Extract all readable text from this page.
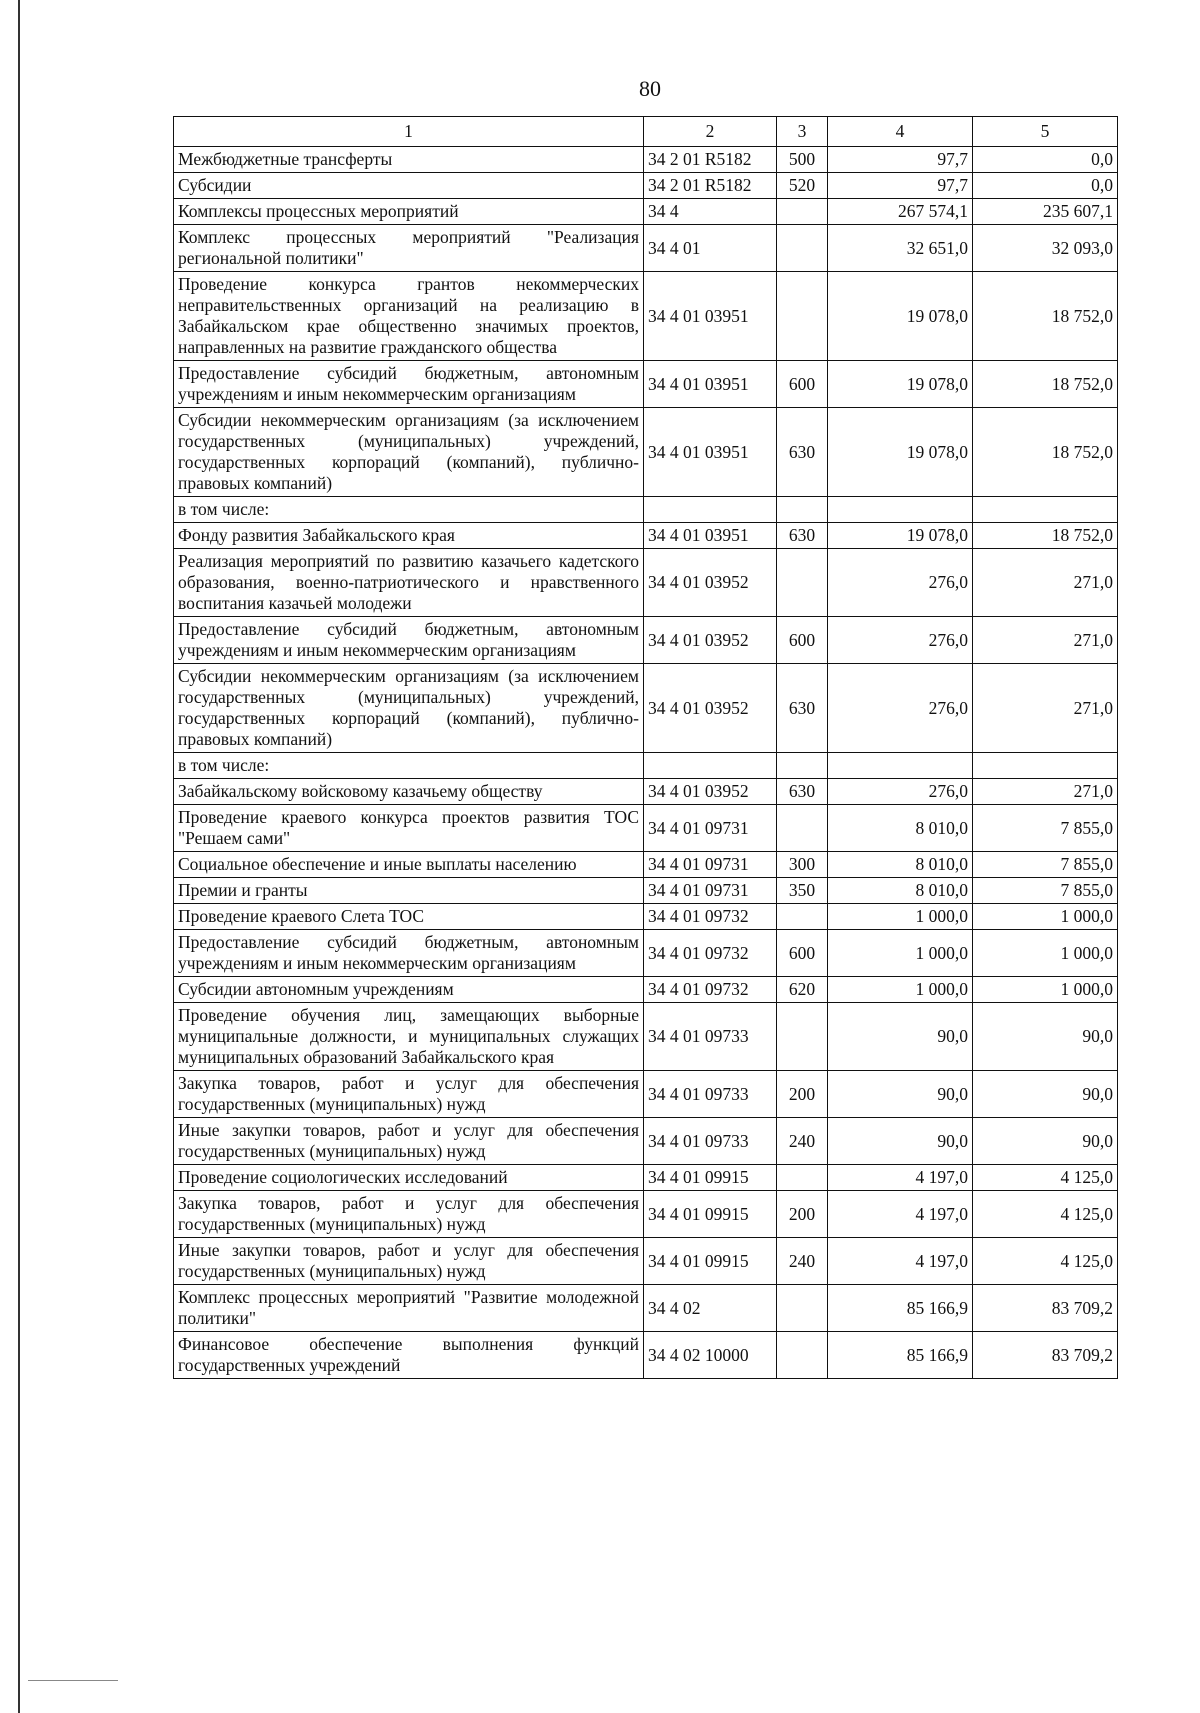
80
1	2	3	4	5
Межбюджетные трансферты	34 2 01 R5182	500	97,7	0,0
Субсидии	34 2 01 R5182	520	97,7	0,0
Комплексы процессных мероприятий	34 4		267 574,1	235 607,1
Комплекс процессных мероприятий "Реализация региональной политики"	34 4 01		32 651,0	32 093,0
Проведение конкурса грантов некоммерческих неправительственных организаций на реализацию в Забайкальском крае общественно значимых проектов, направленных на развитие гражданского общества	34 4 01 03951		19 078,0	18 752,0
Предоставление субсидий бюджетным, автономным учреждениям и иным некоммерческим организациям	34 4 01 03951	600	19 078,0	18 752,0
Субсидии некоммерческим организациям (за исключением государственных (муниципальных) учреждений, государственных корпораций (компаний), публично-правовых компаний)	34 4 01 03951	630	19 078,0	18 752,0
в том числе:				
Фонду развития Забайкальского края	34 4 01 03951	630	19 078,0	18 752,0
Реализация мероприятий по развитию казачьего кадетского образования, военно-патриотического и нравственного воспитания казачьей молодежи	34 4 01 03952		276,0	271,0
Предоставление субсидий бюджетным, автономным учреждениям и иным некоммерческим организациям	34 4 01 03952	600	276,0	271,0
Субсидии некоммерческим организациям (за исключением государственных (муниципальных) учреждений, государственных корпораций (компаний), публично-правовых компаний)	34 4 01 03952	630	276,0	271,0
в том числе:				
Забайкальскому войсковому казачьему обществу	34 4 01 03952	630	276,0	271,0
Проведение краевого конкурса проектов развития ТОС "Решаем сами"	34 4 01 09731		8 010,0	7 855,0
Социальное обеспечение и иные выплаты населению	34 4 01 09731	300	8 010,0	7 855,0
Премии и гранты	34 4 01 09731	350	8 010,0	7 855,0
Проведение краевого Слета ТОС	34 4 01 09732		1 000,0	1 000,0
Предоставление субсидий бюджетным, автономным учреждениям и иным некоммерческим организациям	34 4 01 09732	600	1 000,0	1 000,0
Субсидии автономным учреждениям	34 4 01 09732	620	1 000,0	1 000,0
Проведение обучения лиц, замещающих выборные муниципальные должности, и муниципальных служащих муниципальных образований Забайкальского края	34 4 01 09733		90,0	90,0
Закупка товаров, работ и услуг для обеспечения государственных (муниципальных) нужд	34 4 01 09733	200	90,0	90,0
Иные закупки товаров, работ и услуг для обеспечения государственных (муниципальных) нужд	34 4 01 09733	240	90,0	90,0
Проведение социологических исследований	34 4 01 09915		4 197,0	4 125,0
Закупка товаров, работ и услуг для обеспечения государственных (муниципальных) нужд	34 4 01 09915	200	4 197,0	4 125,0
Иные закупки товаров, работ и услуг для обеспечения государственных (муниципальных) нужд	34 4 01 09915	240	4 197,0	4 125,0
Комплекс процессных мероприятий "Развитие молодежной политики"	34 4 02		85 166,9	83 709,2
Финансовое обеспечение выполнения функций государственных учреждений	34 4 02 10000		85 166,9	83 709,2
